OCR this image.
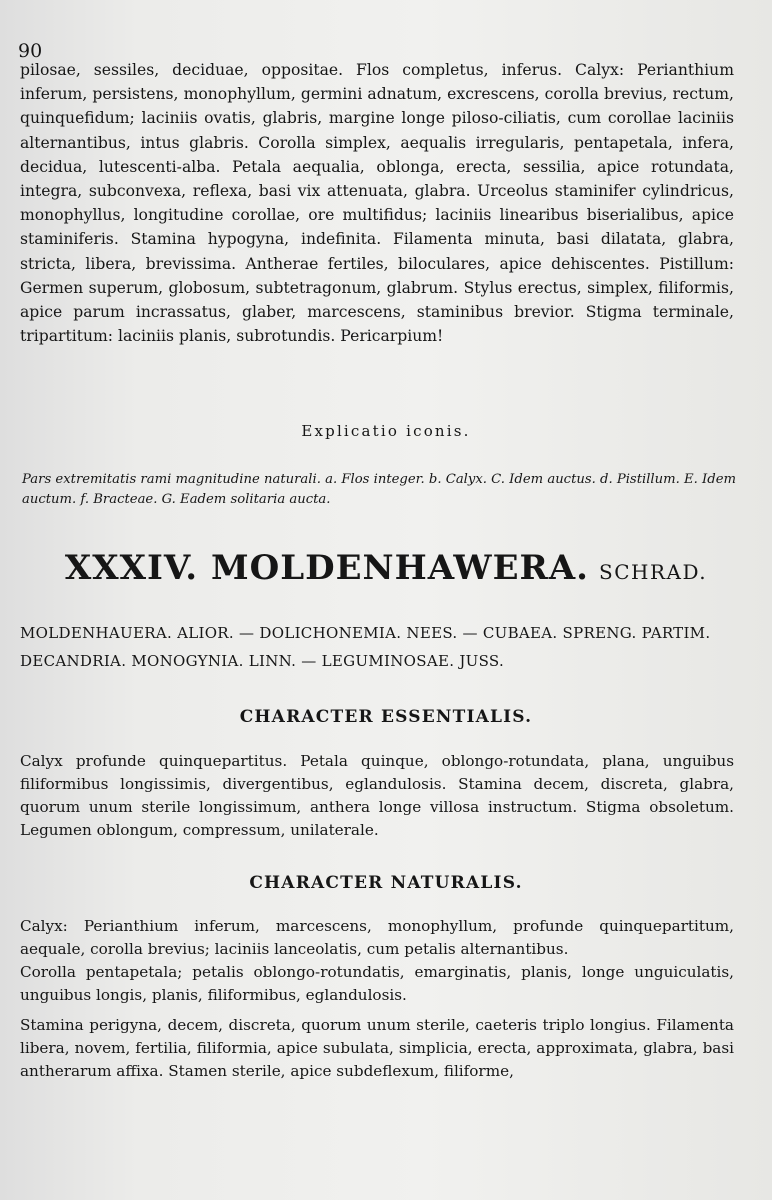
90
pilosae, sessiles, deciduae, oppositae. Flos completus, inferus. Calyx: Perianthium inferum, persistens, monophyllum, germini adnatum, excrescens, corolla brevius, rectum, quinquefidum; laciniis ovatis, glabris, margine longe piloso-ciliatis, cum corollae laciniis alternantibus, intus glabris. Corolla simplex, aequalis irregularis, pentapetala, infera, decidua, lutescenti-alba. Petala aequalia, oblonga, erecta, sessilia, apice rotundata, integra, subconvexa, reflexa, basi vix attenuata, glabra. Urceolus staminifer cylindricus, monophyllus, longitudine corollae, ore multifidus; laciniis linearibus biserialibus, apice staminiferis. Stamina hypogyna, indefinita. Filamenta minuta, basi dilatata, glabra, stricta, libera, brevissima. Antherae fertiles, biloculares, apice dehiscentes. Pistillum: Germen superum, globosum, subtetragonum, glabrum. Stylus erectus, simplex, filiformis, apice parum incrassatus, glaber, marcescens, staminibus brevior. Stigma terminale, tripartitum: laciniis planis, subrotundis. Pericarpium!
Explicatio iconis.
Pars extremitatis rami magnitudine naturali. a. Flos integer. b. Calyx. C. Idem auctus. d. Pistillum. E. Idem auctum. f. Bracteae. G. Eadem solitaria aucta.
XXXIV. MOLDENHAWERA. SCHRAD.
MOLDENHAUERA. ALIOR. — DOLICHONEMIA. NEES. — CUBAEA. SPRENG. PARTIM.
DECANDRIA. MONOGYNIA. LINN. — LEGUMINOSAE. JUSS.
CHARACTER ESSENTIALIS.
Calyx profunde quinquepartitus. Petala quinque, oblongo-rotundata, plana, unguibus filiformibus longissimis, divergentibus, eglandulosis. Stamina decem, discreta, glabra, quorum unum sterile longissimum, anthera longe villosa instructum. Stigma obsoletum. Legumen oblongum, compressum, unilaterale.
CHARACTER NATURALIS.
Calyx: Perianthium inferum, marcescens, monophyllum, profunde quinquepartitum, aequale, corolla brevius; laciniis lanceolatis, cum petalis alternantibus.
Corolla pentapetala; petalis oblongo-rotundatis, emarginatis, planis, longe unguiculatis, unguibus longis, planis, filiformibus, eglandulosis.
Stamina perigyna, decem, discreta, quorum unum sterile, caeteris triplo longius. Filamenta libera, novem, fertilia, filiformia, apice subulata, simplicia, erecta, approximata, glabra, basi antherarum affixa. Stamen sterile, apice subdeflexum, filiforme,
